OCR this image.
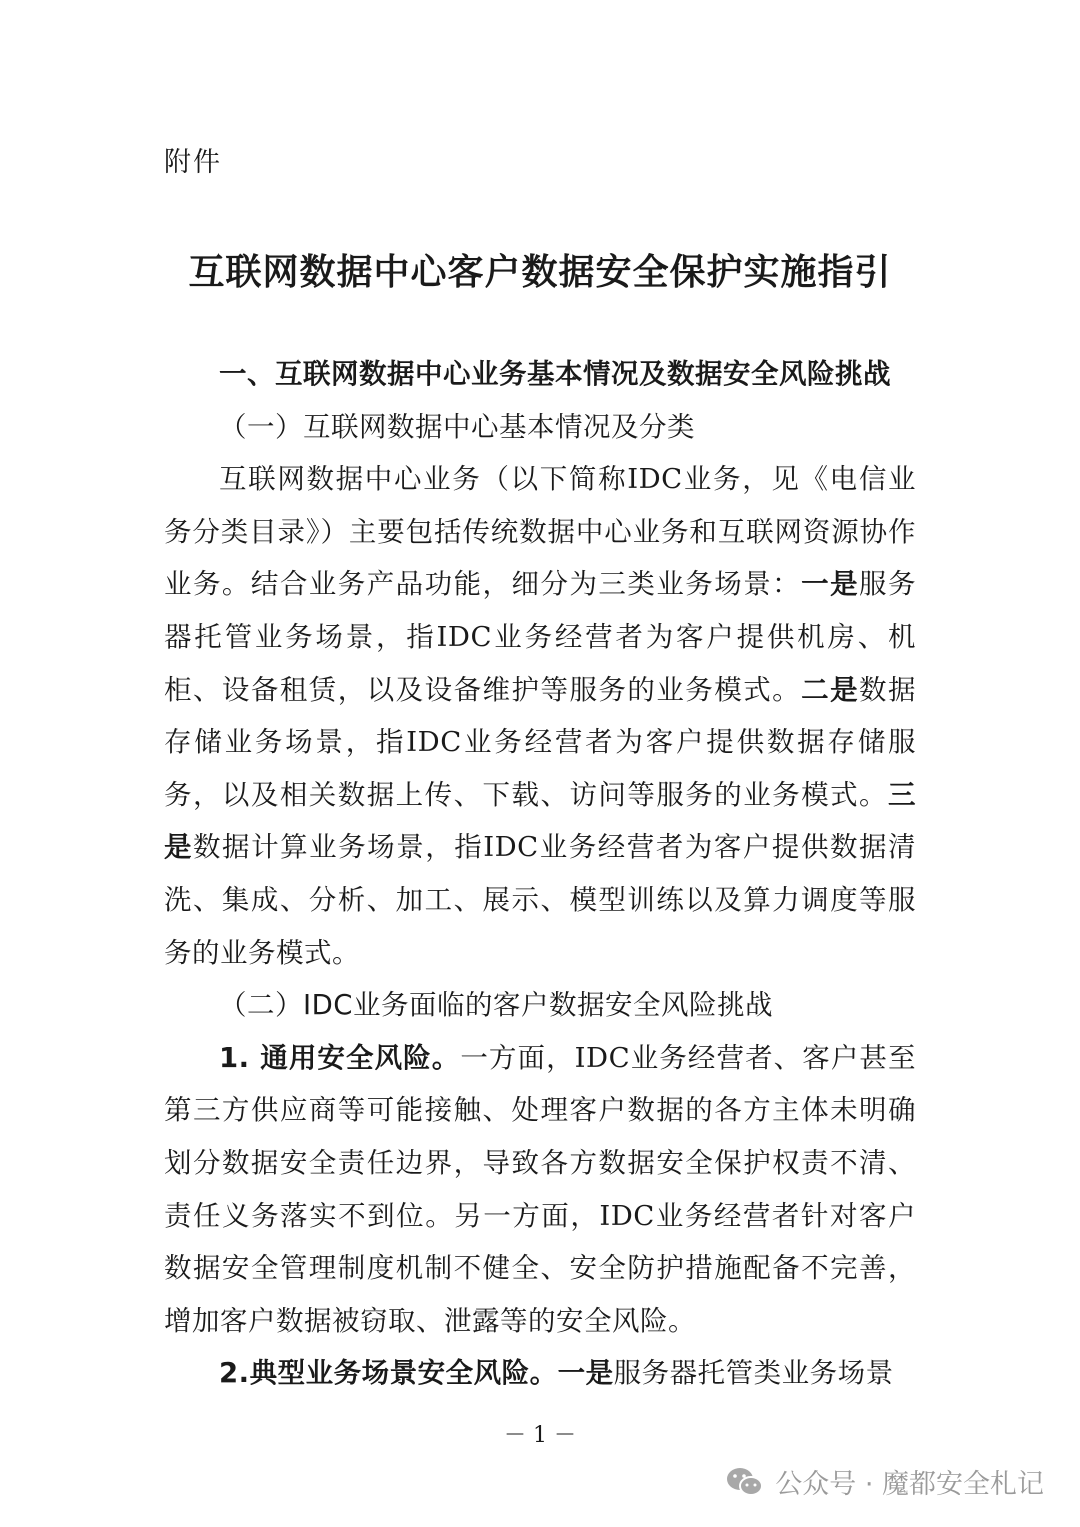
附件
互联网数据中心客户数据安全保护实施指引

一、互联网数据中心业务基本情况及数据安全风险挑战

（一）互联网数据中心基本情况及分类

互联网数据中心业务（以下简称IDC业务，见《电信业务分类目录》）主要包括传统数据中心业务和互联网资源协作业务。结合业务产品功能，细分为三类业务场景：一是服务器托管业务场景，指IDC业务经营者为客户提供机房、机柜、设备租赁，以及设备维护等服务的业务模式。二是数据存储业务场景，指IDC业务经营者为客户提供数据存储服务，以及相关数据上传、下载、访问等服务的业务模式。三是数据计算业务场景，指IDC业务经营者为客户提供数据清洗、集成、分析、加工、展示、模型训练以及算力调度等服务的业务模式。

（二）IDC业务面临的客户数据安全风险挑战

1. 通用安全风险。一方面，IDC业务经营者、客户甚至第三方供应商等可能接触、处理客户数据的各方主体未明确划分数据安全责任边界，导致各方数据安全保护权责不清、责任义务落实不到位。另一方面，IDC业务经营者针对客户数据安全管理制度机制不健全、安全防护措施配备不完善，增加客户数据被窃取、泄露等的安全风险。

2.典型业务场景安全风险。一是服务器托管类业务场景

－ 1 －
公众号 · 魔都安全札记
